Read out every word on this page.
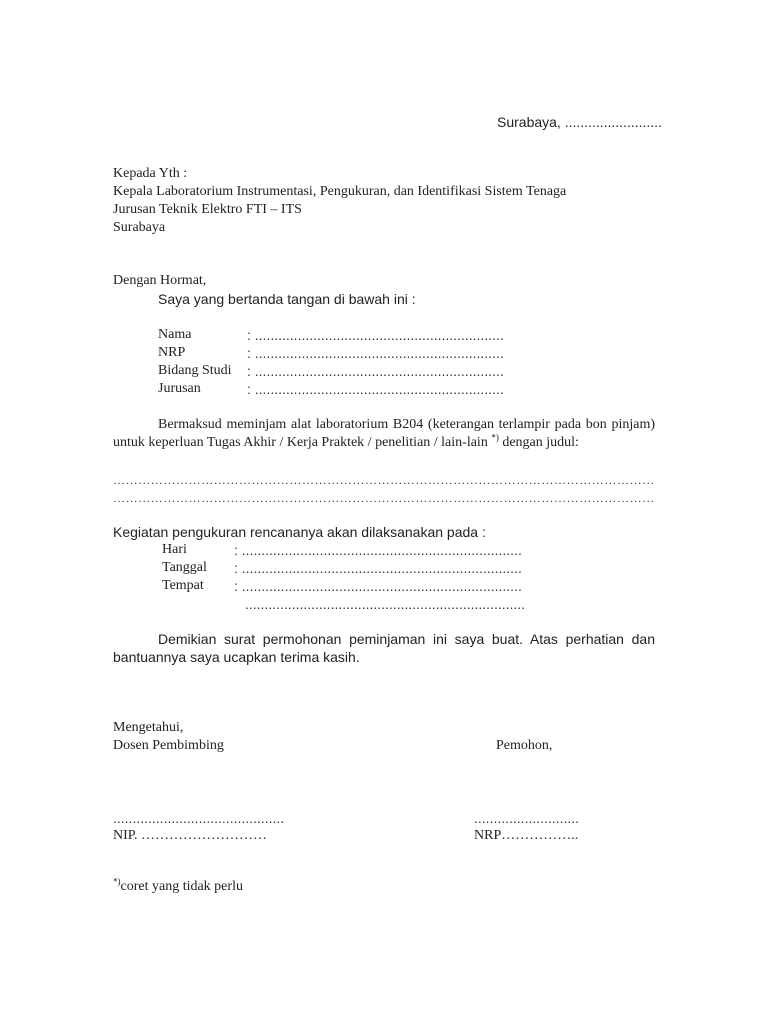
Surabaya, .........................
Kepada Yth :
Kepala Laboratorium Instrumentasi, Pengukuran, dan Identifikasi Sistem Tenaga
Jurusan Teknik Elektro FTI – ITS
Surabaya
Dengan Hormat,
Saya yang bertanda tangan di bawah ini :
Nama	: ................................................................
NRP	: ................................................................
Bidang Studi : ................................................................
Jurusan	: ................................................................
Bermaksud meminjam alat laboratorium B204 (keterangan terlampir pada bon pinjam) untuk keperluan Tugas Akhir / Kerja Praktek / penelitian / lain-lain *) dengan judul:
…………………………………………………………………………………………………………………
…………………………………………………………………………………………………………………
Kegiatan pengukuran rencananya akan dilaksanakan pada :
Hari	: ........................................................................
Tanggal : ........................................................................
Tempat : ........................................................................
........................................................................
Demikian surat permohonan peminjaman ini saya buat. Atas perhatian dan bantuannya saya ucapkan terima kasih.
Mengetahui,
Dosen Pembimbing	Pemohon,
............................................	...........................
NIP. ………………………	NRP……………..
*)coret yang tidak perlu
